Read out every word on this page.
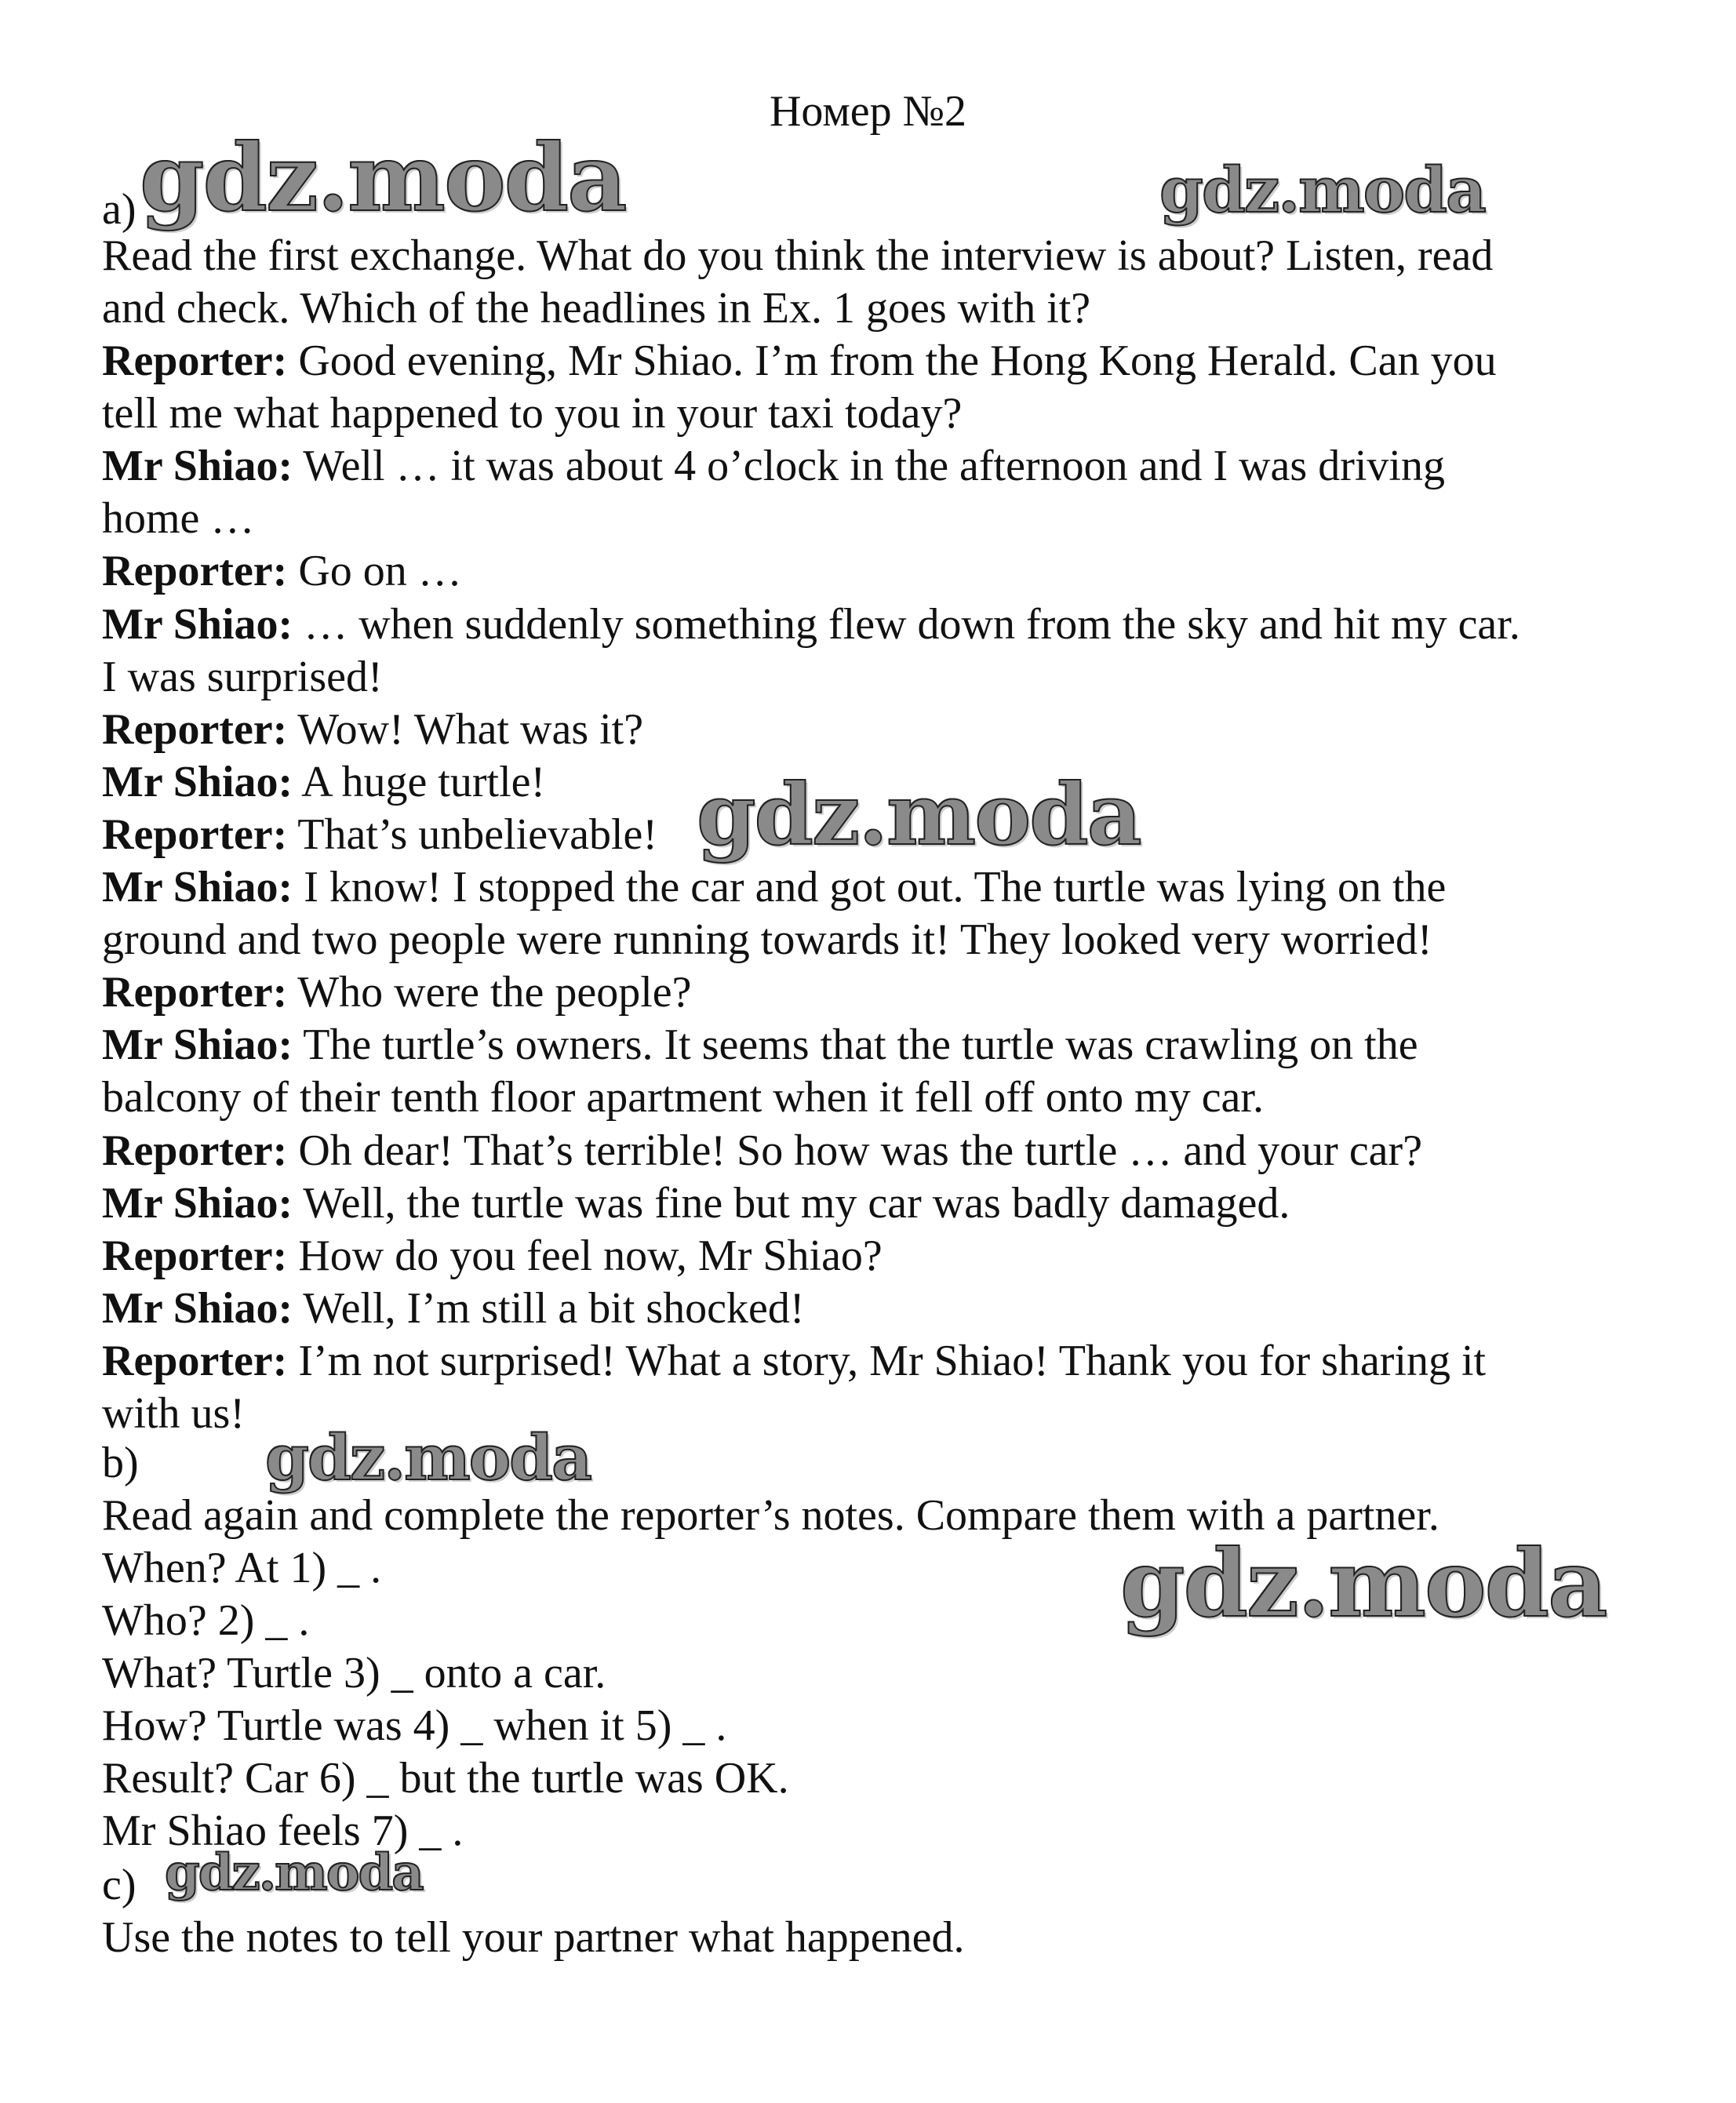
Номер №2
a)
Read the first exchange. What do you think the interview is about? Listen, read
and check. Which of the headlines in Ex. 1 goes with it?
Reporter: Good evening, Mr Shiao. I’m from the Hong Kong Herald. Can you
tell me what happened to you in your taxi today?
Mr Shiao: Well … it was about 4 o’clock in the afternoon and I was driving
home …
Reporter: Go on …
Mr Shiao: … when suddenly something flew down from the sky and hit my car.
I was surprised!
Reporter: Wow! What was it?
Mr Shiao: A huge turtle!
Reporter: That’s unbelievable!
Mr Shiao: I know! I stopped the car and got out. The turtle was lying on the
ground and two people were running towards it! They looked very worried!
Reporter: Who were the people?
Mr Shiao: The turtle’s owners. It seems that the turtle was crawling on the
balcony of their tenth floor apartment when it fell off onto my car.
Reporter: Oh dear! That’s terrible! So how was the turtle … and your car?
Mr Shiao: Well, the turtle was fine but my car was badly damaged.
Reporter: How do you feel now, Mr Shiao?
Mr Shiao: Well, I’m still a bit shocked!
Reporter: I’m not surprised! What a story, Mr Shiao! Thank you for sharing it
with us!
b)
Read again and complete the reporter’s notes. Compare them with a partner.
When? At 1) _ .
Who? 2) _ .
What? Turtle 3) _ onto a car.
How? Turtle was 4) _ when it 5) _ .
Result? Car 6) _ but the turtle was OK.
Mr Shiao feels 7) _ .
c)
Use the notes to tell your partner what happened.
gdz.moda	gdz.moda
gdz.moda
gdz.moda
gdz.moda
gdz.moda
